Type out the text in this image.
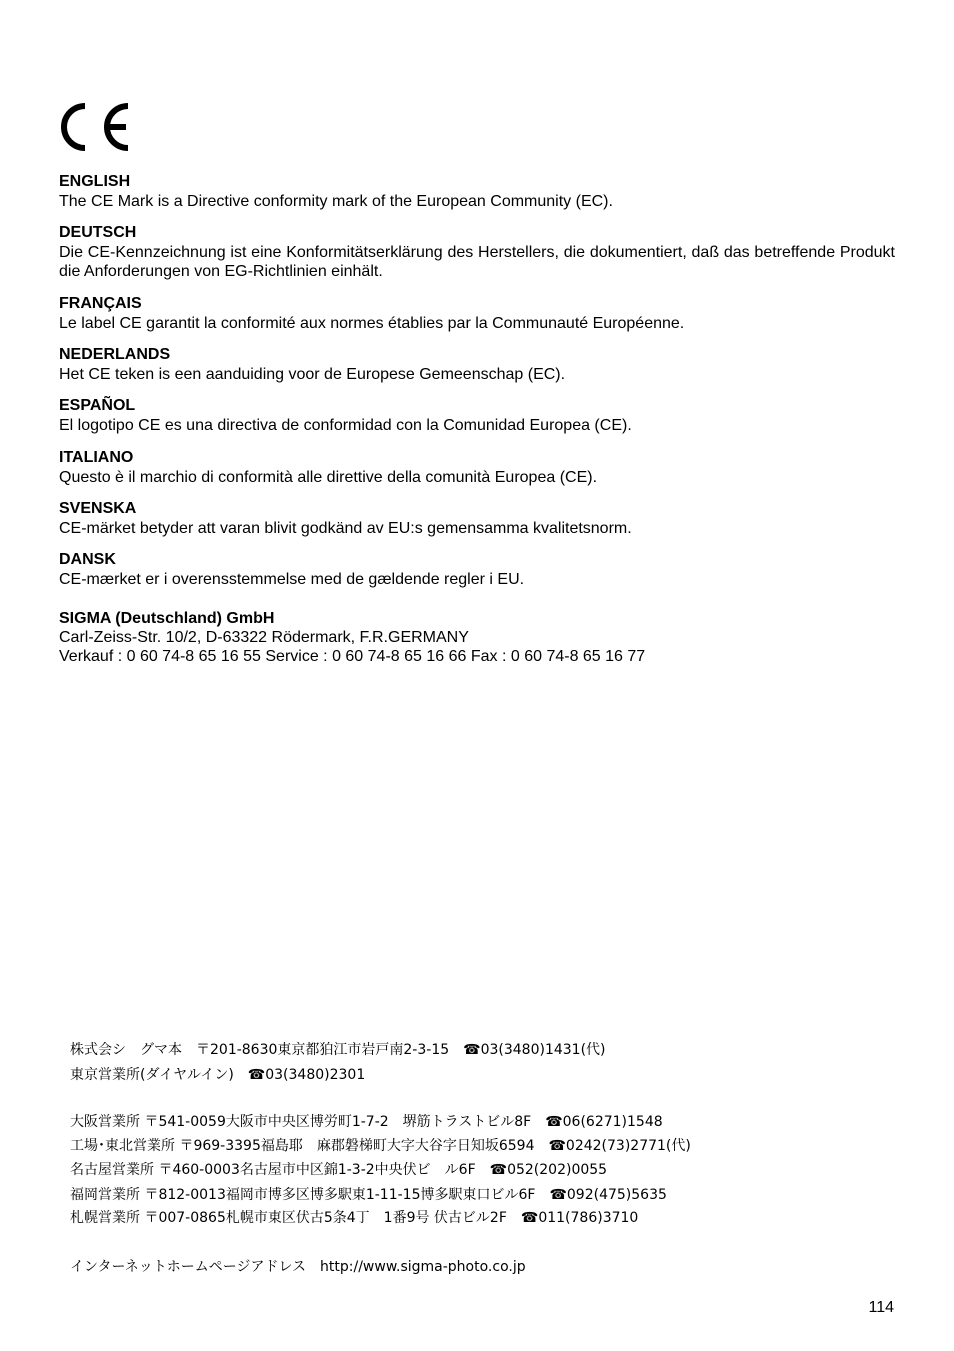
ENGLISH

The CE Mark is a Directive conformity mark of the European Community (EC).

DEUTSCH

Die CE-Kennzeichnung ist eine Konformitätserklärung des Herstellers, die dokumentiert, daß das betreffende Produkt die Anforderungen von EG-Richtlinien einhält.

FRANÇAIS

Le label CE garantit la conformité aux normes établies par la Communauté Européenne.

NEDERLANDS

Het CE teken is een aanduiding voor de Europese Gemeenschap (EC).

ESPAÑOL

El logotipo CE es una directiva de conformidad con la Comunidad Europea (CE).

ITALIANO

Questo è il marchio di conformità alle direttive della comunità Europea (CE).

SVENSKA

CE-märket betyder att varan blivit godkänd av EU:s gemensamma kvalitetsnorm.

DANSK

CE-mærket er i overensstemmelse med de gældende regler i EU.

SIGMA (Deutschland) GmbH
Carl-Zeiss-Str. 10/2, D-63322 Rödermark, F.R.GERMANY
Verkauf : 0 60 74-8 65 16 55 Service : 0 60 74-8 65 16 66 Fax : 0 60 74-8 65 16 77
株式会シ　グマ本　〒201-8630東京都狛江市岩戸南2-3-15　☎03(3480)1431(代)
東京営業所(ダイヤルイン)　☎03(3480)2301
大阪営業所 〒541-0059大阪市中央区博労町1-7-2　堺筋トラストビル8F　☎06(6271)1548
工場･東北営業所 〒969-3395福島耶　麻郡磐梯町大字大谷字日知坂6594　☎0242(73)2771(代)
名古屋営業所 〒460-0003名古屋市中区錦1-3-2中央伏ビ　ル6F　☎052(202)0055
福岡営業所 〒812-0013福岡市博多区博多駅東1-11-15博多駅東口ビル6F　☎092(475)5635
札幌営業所 〒007-0865札幌市東区伏古5条4丁　1番9号 伏古ビル2F　☎011(786)3710
インターネットホームページアドレス　http://www.sigma-photo.co.jp
114
